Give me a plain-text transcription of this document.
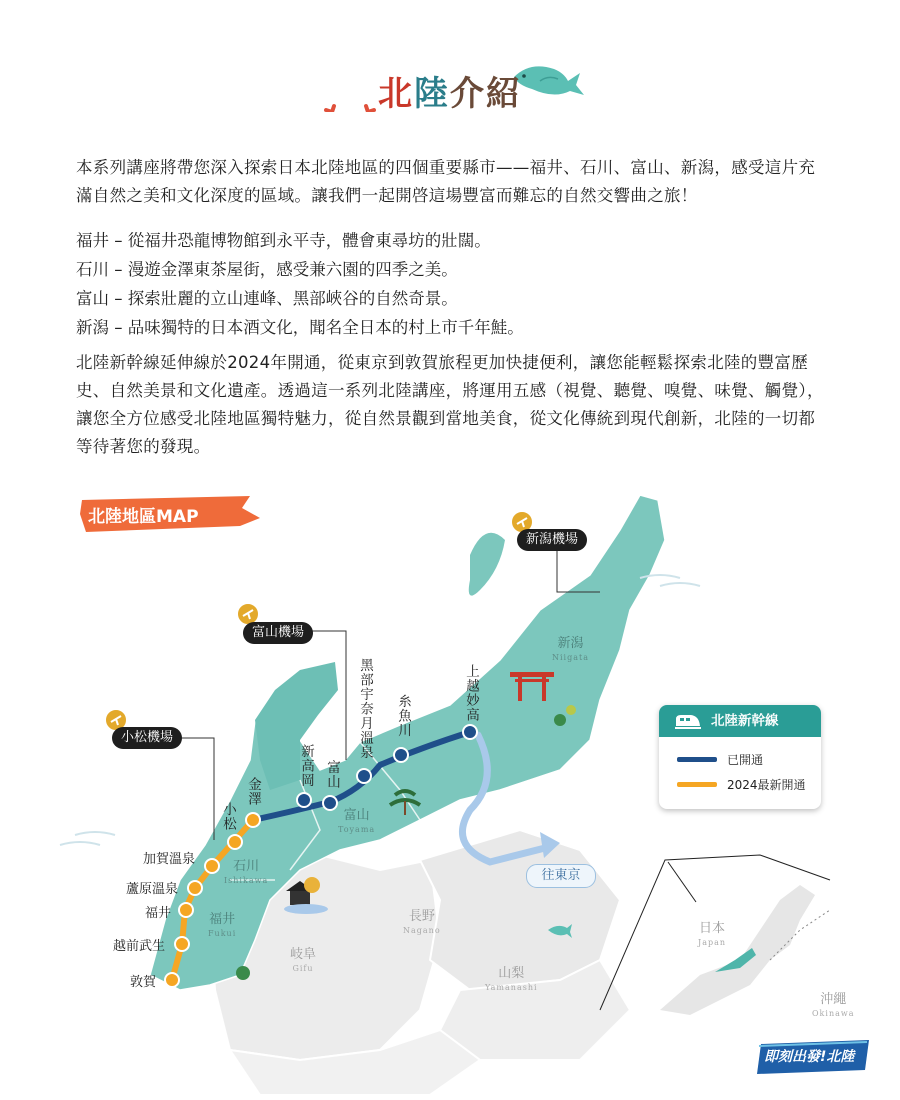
北陸介紹
本系列講座將帶您深入探索日本北陸地區的四個重要縣市——福井、石川、富山、新潟，感受這片充滿自然之美和文化深度的區域。讓我們一起開啓這場豐富而難忘的自然交響曲之旅！
福井 – 從福井恐龍博物館到永平寺，體會東尋坊的壯闊。
石川 – 漫遊金澤東茶屋街，感受兼六園的四季之美。
富山 – 探索壯麗的立山連峰、黑部峽谷的自然奇景。
新潟 – 品味獨特的日本酒文化，聞名全日本的村上市千年鮭。
北陸新幹線延伸線於2024年開通，從東京到敦賀旅程更加快捷便利，讓您能輕鬆探索北陸的豐富歷史、自然美景和文化遺產。透過這一系列北陸講座，將運用五感（視覺、聽覺、嗅覺、味覺、觸覺），讓您全方位感受北陸地區獨特魅力，從自然景觀到當地美食，從文化傳統到現代創新，北陸的一切都等待著您的發現。
北陸地區MAP
新潟機場
富山機場
小松機場
上越妙高
糸魚川
黑部宇奈月溫泉
富山
新高岡
金澤
小松
加賀溫泉
蘆原溫泉
福井
越前武生
敦賀
新潟
Niigata
富山
Toyama
石川
Ishikawa
福井
Fukui
岐阜
Gifu
長野
Nagano
山梨
Yamanashi
往東京
日本
Japan
沖繩
Okinawa
北陸新幹線
已開通
2024最新開通
即刻出發!北陸
